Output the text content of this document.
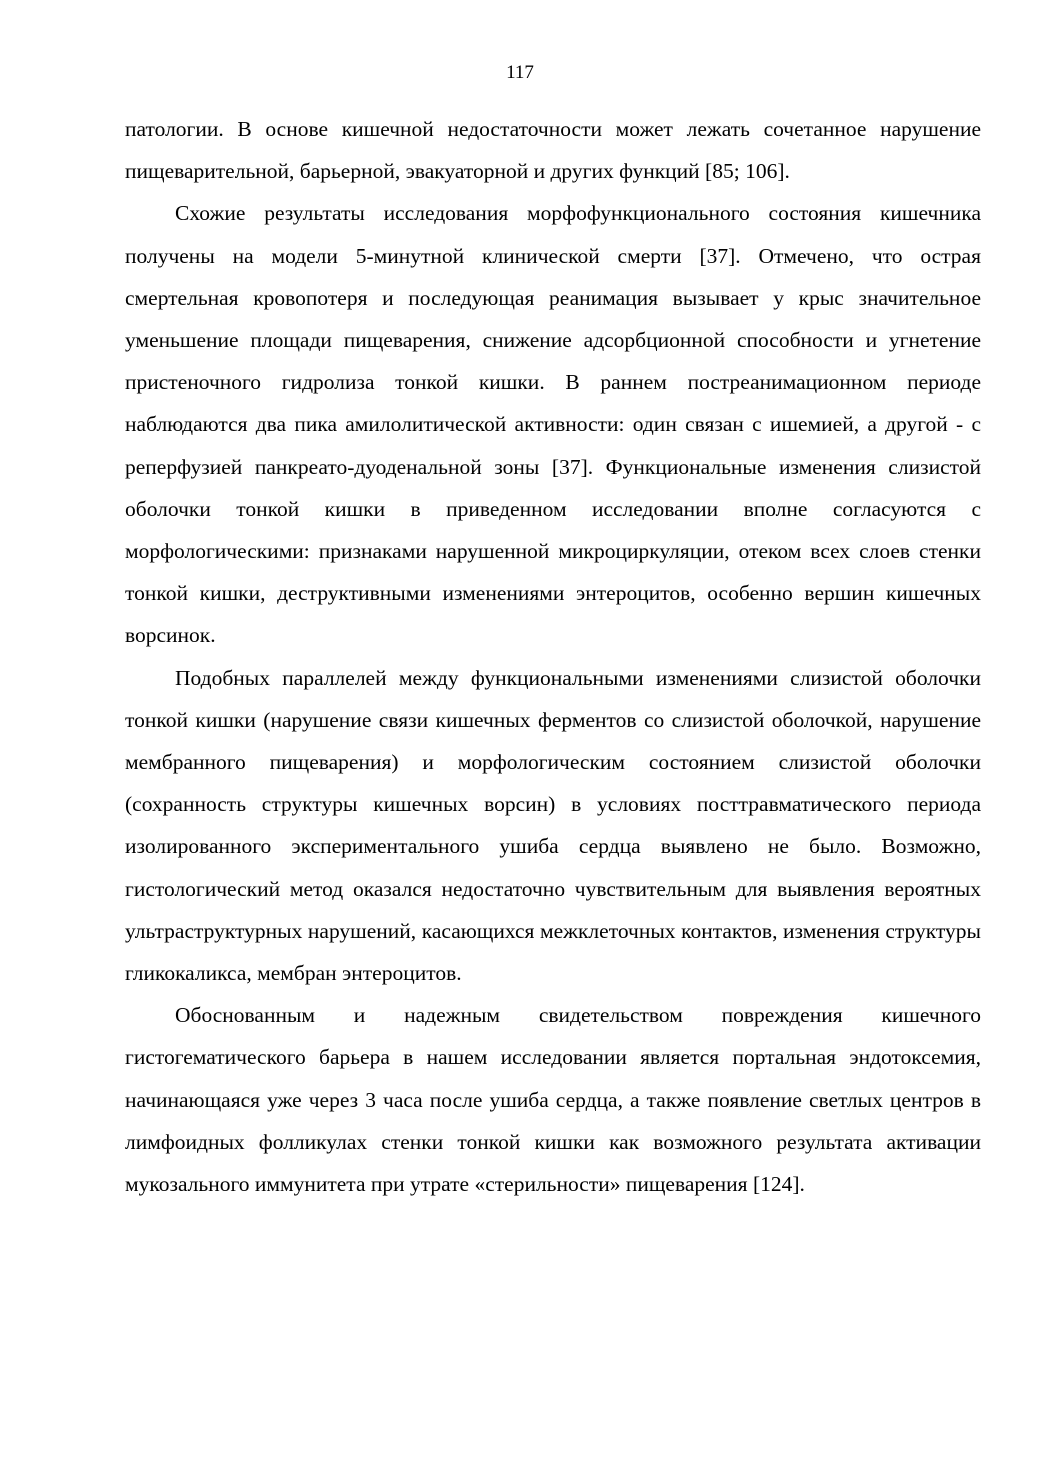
117

патологии. В основе кишечной недостаточности может лежать сочетанное нарушение пищеварительной, барьерной, эвакуаторной и других функций [85; 106].

Схожие результаты исследования морфофункционального состояния кишечника получены на модели 5-минутной клинической смерти [37]. Отмечено, что острая смертельная кровопотеря и последующая реанимация вызывает у крыс значительное уменьшение площади пищеварения, снижение адсорбционной способности и угнетение пристеночного гидролиза тонкой кишки. В раннем постреанимационном периоде наблюдаются два пика амилолитической активности: один связан с ишемией, а другой - с реперфузией панкреато-дуоденальной зоны [37]. Функциональные изменения слизистой оболочки тонкой кишки в приведенном исследовании вполне согласуются с морфологическими: признаками нарушенной микроциркуляции, отеком всех слоев стенки тонкой кишки, деструктивными изменениями энтероцитов, особенно вершин кишечных ворсинок.

Подобных параллелей между функциональными изменениями слизистой оболочки тонкой кишки (нарушение связи кишечных ферментов со слизистой оболочкой, нарушение мембранного пищеварения) и морфологическим состоянием слизистой оболочки (сохранность структуры кишечных ворсин) в условиях посттравматического периода изолированного экспериментального ушиба сердца выявлено не было. Возможно, гистологический метод оказался недостаточно чувствительным для выявления вероятных ультраструктурных нарушений, касающихся межклеточных контактов, изменения структуры гликокаликса, мембран энтероцитов.

Обоснованным и надежным свидетельством повреждения кишечного гистогематического барьера в нашем исследовании является портальная эндотоксемия, начинающаяся уже через 3 часа после ушиба сердца, а также появление светлых центров в лимфоидных фолликулах стенки тонкой кишки как возможного результата активации мукозального иммунитета при утрате «стерильности» пищеварения [124].
